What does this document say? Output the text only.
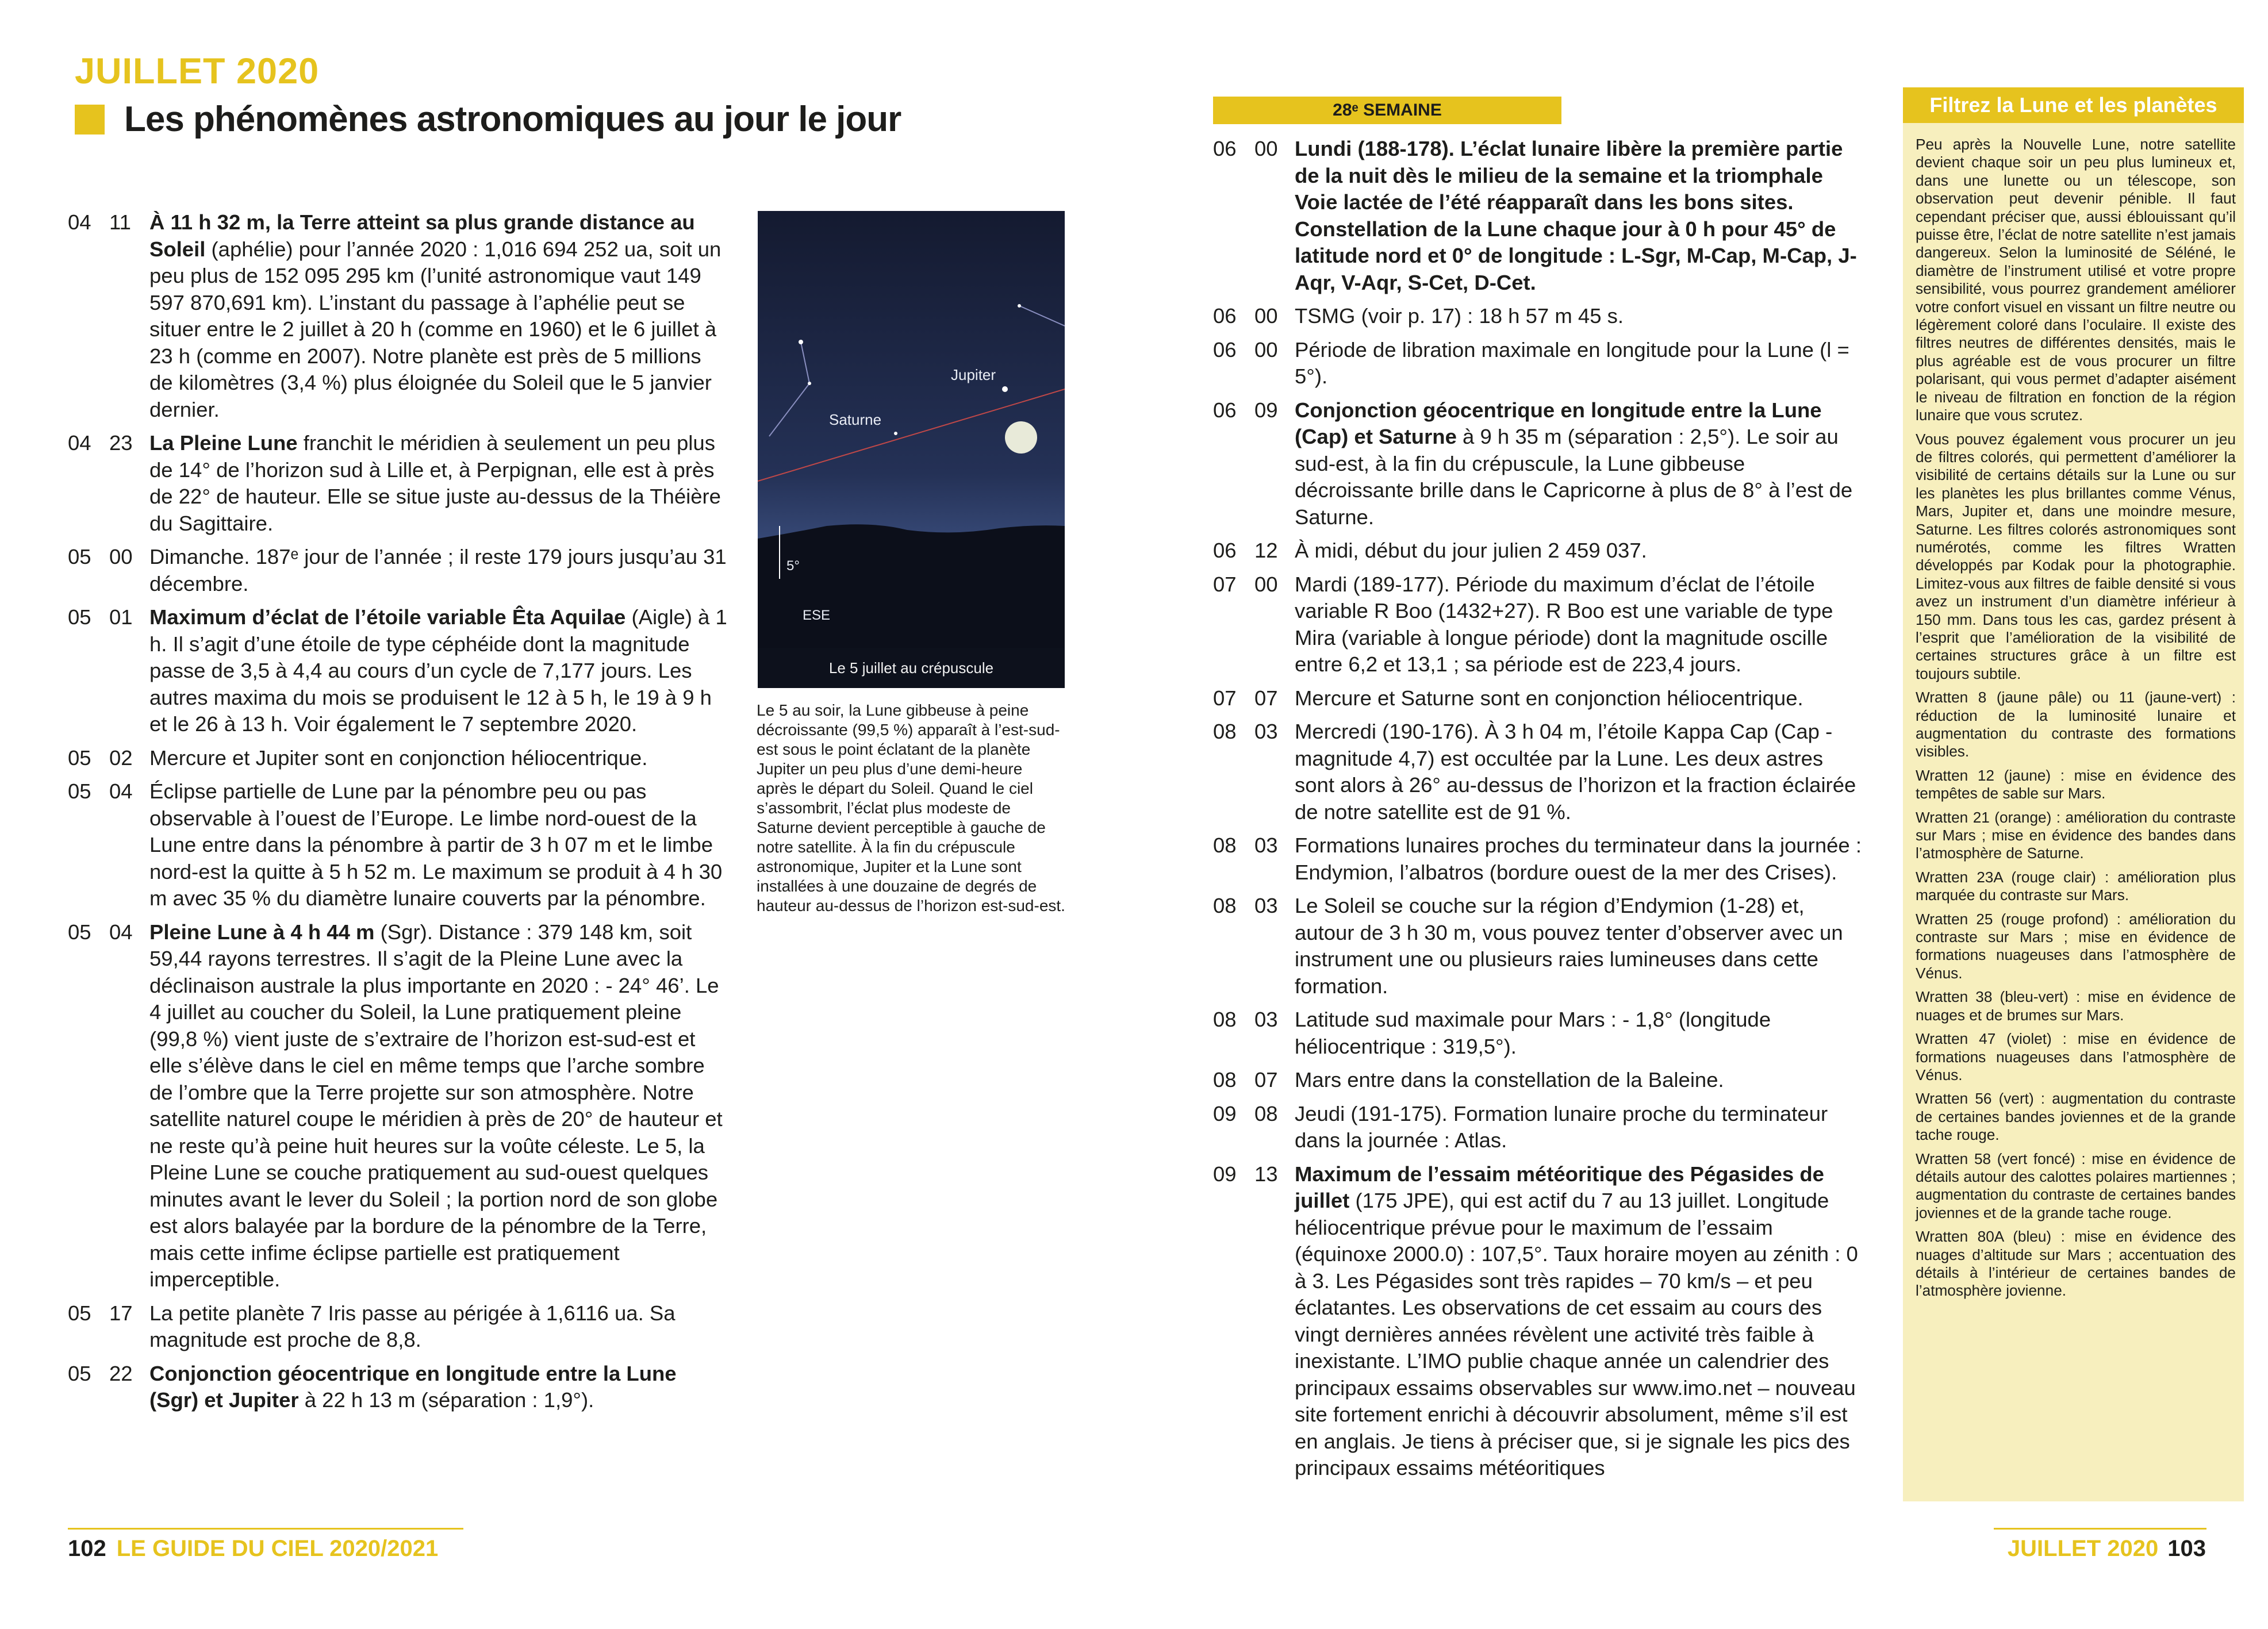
JUILLET 2020
Les phénomènes astronomiques au jour le jour
04 11 À 11 h 32 m, la Terre atteint sa plus grande distance au Soleil (aphélie) pour l’année 2020 : 1,016 694 252 ua, soit un peu plus de 152 095 295 km (l’unité astronomique vaut 149 597 870,691 km). L’instant du passage à l’aphélie peut se situer entre le 2 juillet à 20 h (comme en 1960) et le 6 juillet à 23 h (comme en 2007). Notre planète est près de 5 millions de kilomètres (3,4 %) plus éloignée du Soleil que le 5 janvier dernier.
04 23 La Pleine Lune franchit le méridien à seulement un peu plus de 14° de l’horizon sud à Lille et, à Perpignan, elle est à près de 22° de hauteur. Elle se situe juste au-dessus de la Théière du Sagittaire.
05 00 Dimanche. 187ᵉ jour de l’année ; il reste 179 jours jusqu’au 31 décembre.
05 01 Maximum d’éclat de l’étoile variable Êta Aquilae (Aigle) à 1 h. Il s’agit d’une étoile de type céphéide dont la magnitude passe de 3,5 à 4,4 au cours d’un cycle de 7,177 jours. Les autres maxima du mois se produisent le 12 à 5 h, le 19 à 9 h et le 26 à 13 h. Voir également le 7 septembre 2020.
05 02 Mercure et Jupiter sont en conjonction héliocentrique.
05 04 Éclipse partielle de Lune par la pénombre peu ou pas observable à l’ouest de l’Europe. Le limbe nord-ouest de la Lune entre dans la pénombre à partir de 3 h 07 m et le limbe nord-est la quitte à 5 h 52 m. Le maximum se produit à 4 h 30 m avec 35 % du diamètre lunaire couverts par la pénombre.
05 04 Pleine Lune à 4 h 44 m (Sgr). Distance : 379 148 km, soit 59,44 rayons terrestres. Il s’agit de la Pleine Lune avec la déclinaison australe la plus importante en 2020 : - 24° 46’. Le 4 juillet au coucher du Soleil, la Lune pratiquement pleine (99,8 %) vient juste de s’extraire de l’horizon est-sud-est et elle s’élève dans le ciel en même temps que l’arche sombre de l’ombre que la Terre projette sur son atmosphère. Notre satellite naturel coupe le méridien à près de 20° de hauteur et ne reste qu’à peine huit heures sur la voûte céleste. Le 5, la Pleine Lune se couche pratiquement au sud-ouest quelques minutes avant le lever du Soleil ; la portion nord de son globe est alors balayée par la bordure de la pénombre de la Terre, mais cette infime éclipse partielle est pratiquement imperceptible.
05 17 La petite planète 7 Iris passe au périgée à 1,6116 ua. Sa magnitude est proche de 8,8.
05 22 Conjonction géocentrique en longitude entre la Lune (Sgr) et Jupiter à 22 h 13 m (séparation : 1,9°).
Jupiter
Saturne
5°
ESE
Le 5 juillet au crépuscule
Le 5 au soir, la Lune gibbeuse à peine décroissante (99,5 %) apparaît à l’est-sud-est sous le point éclatant de la planète Jupiter un peu plus d’une demi-heure après le départ du Soleil. Quand le ciel s’assombrit, l’éclat plus modeste de Saturne devient perceptible à gauche de notre satellite. À la fin du crépuscule astronomique, Jupiter et la Lune sont installées à une douzaine de degrés de hauteur au-dessus de l’horizon est-sud-est.
28ᵉ SEMAINE
06 00 Lundi (188-178). L’éclat lunaire libère la première partie de la nuit dès le milieu de la semaine et la triomphale Voie lactée de l’été réapparaît dans les bons sites. Constellation de la Lune chaque jour à 0 h pour 45° de latitude nord et 0° de longitude : L-Sgr, M-Cap, M-Cap, J-Aqr, V-Aqr, S-Cet, D-Cet.
06 00 TSMG (voir p. 17) : 18 h 57 m 45 s.
06 00 Période de libration maximale en longitude pour la Lune (l = 5°).
06 09 Conjonction géocentrique en longitude entre la Lune (Cap) et Saturne à 9 h 35 m (séparation : 2,5°). Le soir au sud-est, à la fin du crépuscule, la Lune gibbeuse décroissante brille dans le Capricorne à plus de 8° à l’est de Saturne.
06 12 À midi, début du jour julien 2 459 037.
07 00 Mardi (189-177). Période du maximum d’éclat de l’étoile variable R Boo (1432+27). R Boo est une variable de type Mira (variable à longue période) dont la magnitude oscille entre 6,2 et 13,1 ; sa période est de 223,4 jours.
07 07 Mercure et Saturne sont en conjonction héliocentrique.
08 03 Mercredi (190-176). À 3 h 04 m, l’étoile Kappa Cap (Cap - magnitude 4,7) est occultée par la Lune. Les deux astres sont alors à 26° au-dessus de l’horizon et la fraction éclairée de notre satellite est de 91 %.
08 03 Formations lunaires proches du terminateur dans la journée : Endymion, l’albatros (bordure ouest de la mer des Crises).
08 03 Le Soleil se couche sur la région d’Endymion (1-28) et, autour de 3 h 30 m, vous pouvez tenter d’observer avec un instrument une ou plusieurs raies lumineuses dans cette formation.
08 03 Latitude sud maximale pour Mars : - 1,8° (longitude héliocentrique : 319,5°).
08 07 Mars entre dans la constellation de la Baleine.
09 08 Jeudi (191-175). Formation lunaire proche du terminateur dans la journée : Atlas.
09 13 Maximum de l’essaim météoritique des Pégasides de juillet (175 JPE), qui est actif du 7 au 13 juillet. Longitude héliocentrique prévue pour le maximum de l’essaim (équinoxe 2000.0) : 107,5°. Taux horaire moyen au zénith : 0 à 3. Les Pégasides sont très rapides – 70 km/s – et peu éclatantes. Les observations de cet essaim au cours des vingt dernières années révèlent une activité très faible à inexistante. L’IMO publie chaque année un calendrier des principaux essaims observables sur www.imo.net – nouveau site fortement enrichi à découvrir absolument, même s’il est en anglais. Je tiens à préciser que, si je signale les pics des principaux essaims météoritiques
Filtrez la Lune et les planètes

Peu après la Nouvelle Lune, notre satellite devient chaque soir un peu plus lumineux et, dans une lunette ou un télescope, son observation peut devenir pénible. Il faut cependant préciser que, aussi éblouissant qu’il puisse être, l’éclat de notre satellite n’est jamais dangereux. Selon la luminosité de Séléné, le diamètre de l’instrument utilisé et votre propre sensibilité, vous pourrez grandement améliorer votre confort visuel en vissant un filtre neutre ou légèrement coloré dans l’oculaire. Il existe des filtres neutres de différentes densités, mais le plus agréable est de vous procurer un filtre polarisant, qui vous permet d’adapter aisément le niveau de filtration en fonction de la région lunaire que vous scrutez.

Vous pouvez également vous procurer un jeu de filtres colorés, qui permettent d’améliorer la visibilité de certains détails sur la Lune ou sur les planètes les plus brillantes comme Vénus, Mars, Jupiter et, dans une moindre mesure, Saturne. Les filtres colorés astronomiques sont numérotés, comme les filtres Wratten développés par Kodak pour la photographie. Limitez-vous aux filtres de faible densité si vous avez un instrument d’un diamètre inférieur à 150 mm. Dans tous les cas, gardez présent à l’esprit que l’amélioration de la visibilité de certaines structures grâce à un filtre est toujours subtile.

Wratten 8 (jaune pâle) ou 11 (jaune-vert) : réduction de la luminosité lunaire et augmentation du contraste des formations visibles.

Wratten 12 (jaune) : mise en évidence des tempêtes de sable sur Mars.

Wratten 21 (orange) : amélioration du contraste sur Mars ; mise en évidence des bandes dans l’atmosphère de Saturne.

Wratten 23A (rouge clair) : amélioration plus marquée du contraste sur Mars.

Wratten 25 (rouge profond) : amélioration du contraste sur Mars ; mise en évidence de formations nuageuses dans l’atmosphère de Vénus.

Wratten 38 (bleu-vert) : mise en évidence de nuages et de brumes sur Mars.

Wratten 47 (violet) : mise en évidence de formations nuageuses dans l’atmosphère de Vénus.

Wratten 56 (vert) : augmentation du contraste de certaines bandes joviennes et de la grande tache rouge.

Wratten 58 (vert foncé) : mise en évidence de détails autour des calottes polaires martiennes ; augmentation du contraste de certaines bandes joviennes et de la grande tache rouge.

Wratten 80A (bleu) : mise en évidence des nuages d’altitude sur Mars ; accentuation des détails à l’intérieur de certaines bandes de l’atmosphère jovienne.

102 LE GUIDE DU CIEL 2020/2021	JUILLET 2020 103
